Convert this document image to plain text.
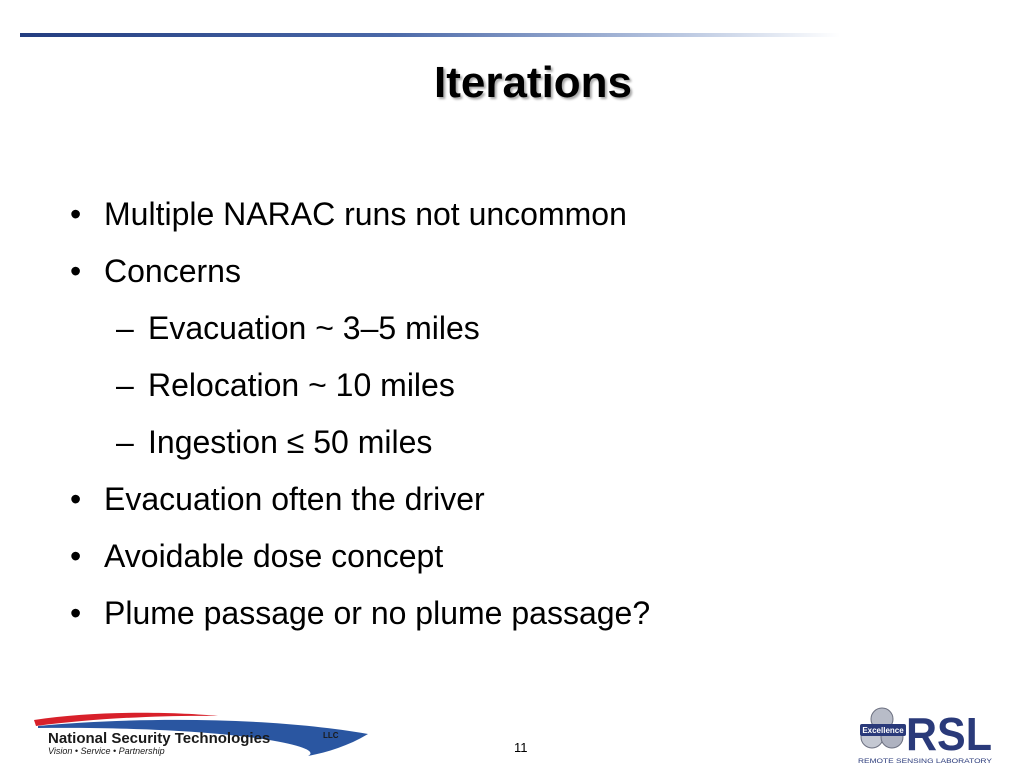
Iterations
• Multiple NARAC runs not uncommon
• Concerns
– Evacuation ~ 3–5 miles
– Relocation ~ 10 miles
– Ingestion ≤ 50 miles
• Evacuation often the driver
• Avoidable dose concept
• Plume passage or no plume passage?
National Security Technologies	LLC
Vision • Service • Partnership	11
Excellence RSL
REMOTE SENSING LABORATORY
